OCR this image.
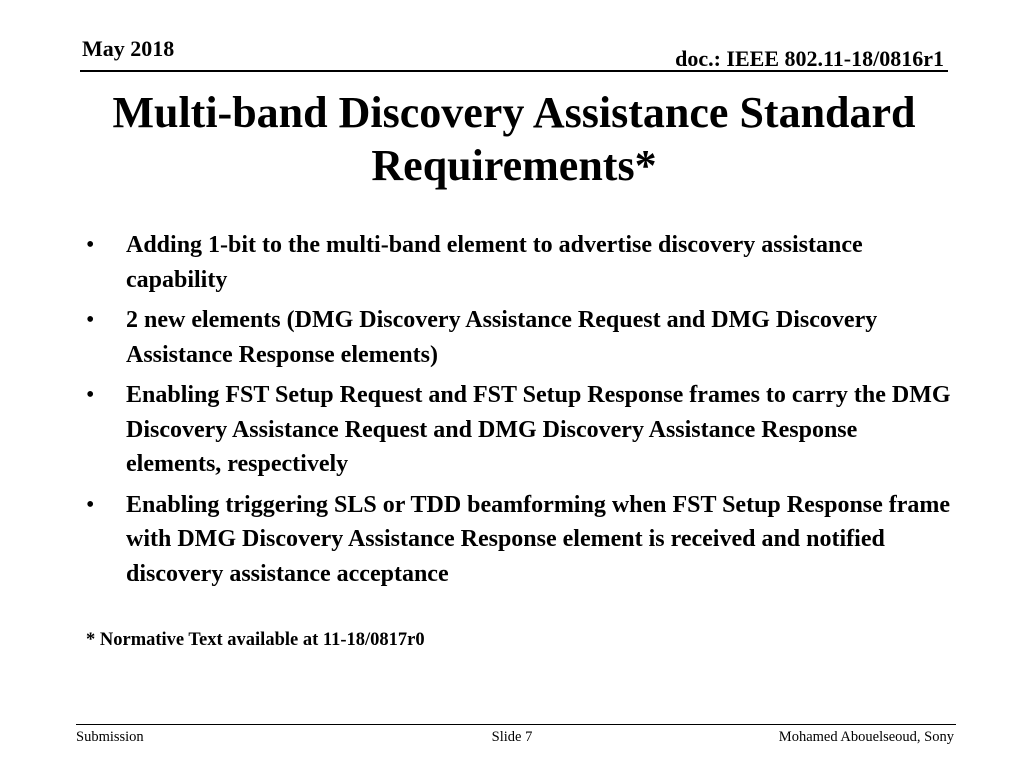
May 2018	doc.: IEEE 802.11-18/0816r1
Multi-band Discovery Assistance Standard
Requirements*
• Adding 1-bit to the multi-band element to advertise discovery assistance capability
• 2 new elements (DMG Discovery Assistance Request and DMG Discovery Assistance Response elements)
• Enabling FST Setup Request and FST Setup Response frames to carry the DMG Discovery Assistance Request and DMG Discovery Assistance Response elements, respectively
• Enabling triggering SLS or TDD beamforming when FST Setup Response frame with DMG Discovery Assistance Response element is received and notified discovery assistance acceptance
* Normative Text available at 11-18/0817r0
Submission	Slide 7	Mohamed Abouelseoud, Sony
